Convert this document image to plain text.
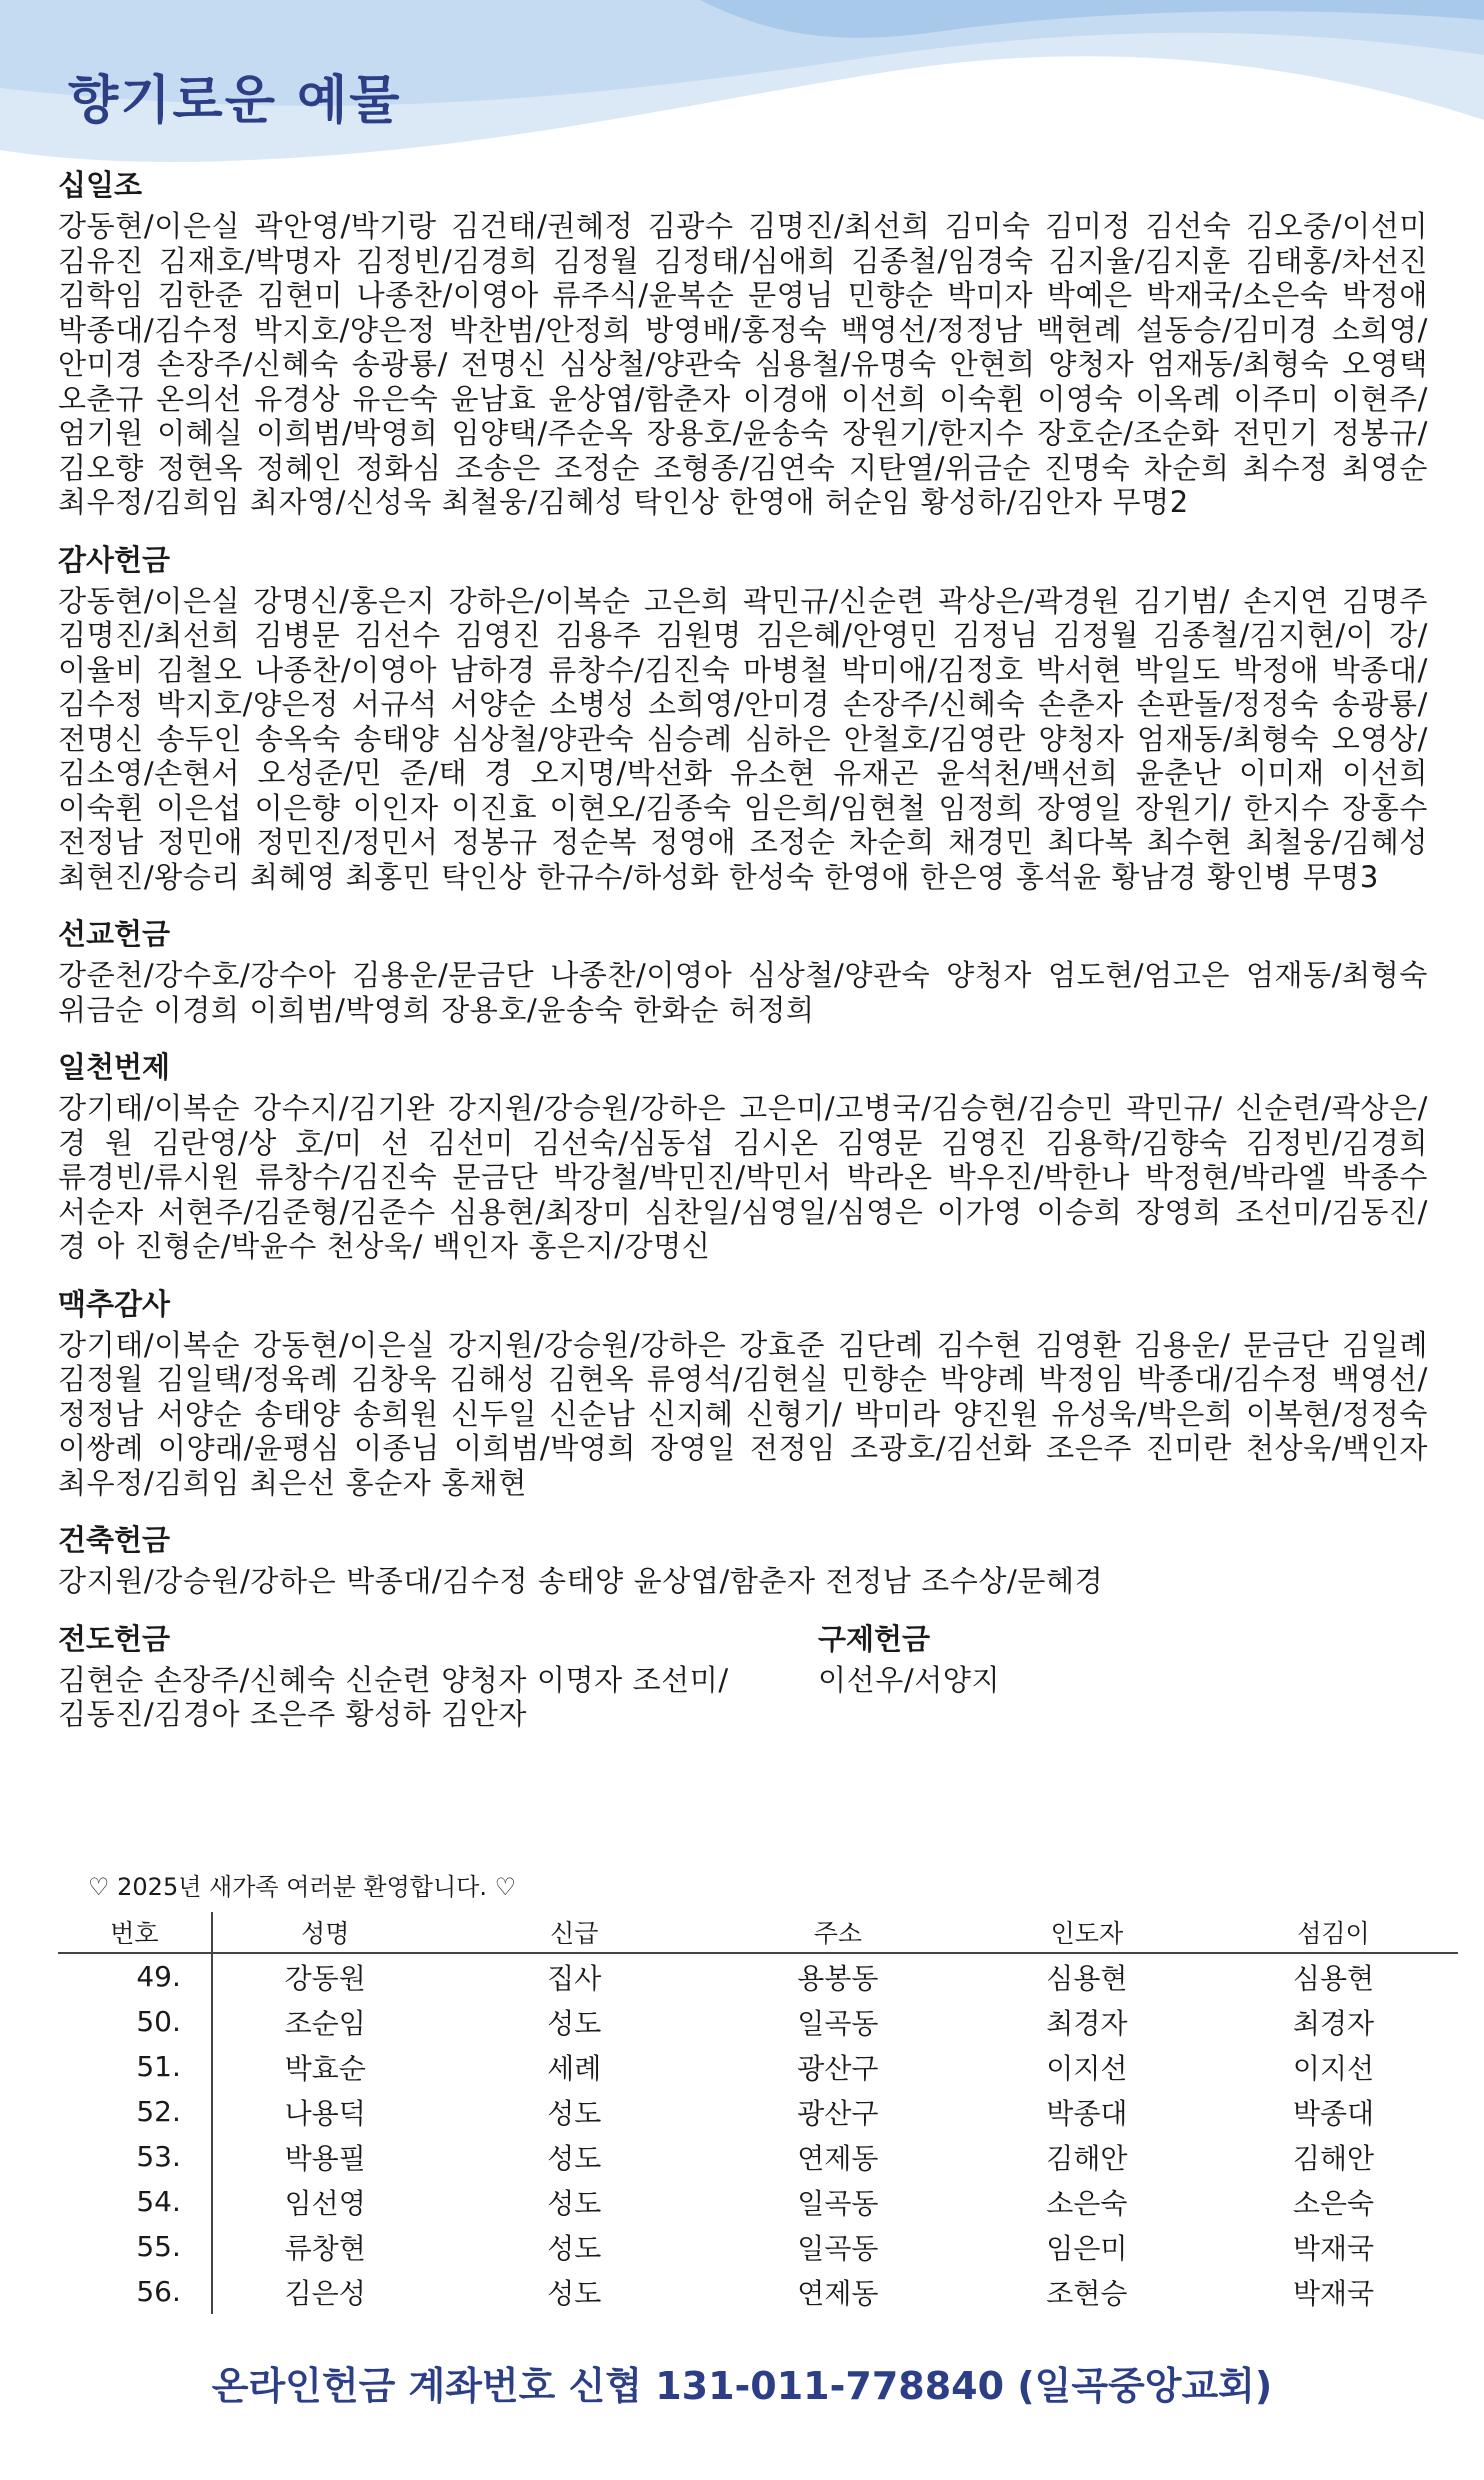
향기로운 예물
십일조

강동현/이은실 곽안영/박기랑 김건태/권혜정 김광수 김명진/최선희 김미숙 김미정 김선숙 김오중/이선미 김유진 김재호/박명자 김정빈/김경희 김정월 김정태/심애희 김종철/임경숙 김지율/김지훈 김태홍/차선진 김학임 김한준 김현미 나종찬/이영아 류주식/윤복순 문영님 민향순 박미자 박예은 박재국/소은숙 박정애 박종대/김수정 박지호/양은정 박찬범/안정희 방영배/홍정숙 백영선/정정남 백현례 설동승/김미경 소희영/안미경 손장주/신혜숙 송광룡/ 전명신 심상철/양관숙 심용철/유명숙 안현희 양청자 엄재동/최형숙 오영택 오춘규 온의선 유경상 유은숙 윤남효 윤상엽/함춘자 이경애 이선희 이숙휜 이영숙 이옥례 이주미 이현주/ 엄기원 이혜실 이희범/박영희 임양택/주순옥 장용호/윤송숙 장원기/한지수 장호순/조순화 전민기 정봉규/김오향 정현옥 정혜인 정화심 조송은 조정순 조형종/김연숙 지탄열/위금순 진명숙 차순희 최수정 최영순 최우정/김희임 최자영/신성욱 최철웅/김혜성 탁인상 한영애 허순임 황성하/김안자 무명2

감사헌금

강동현/이은실 강명신/홍은지 강하은/이복순 고은희 곽민규/신순련 곽상은/곽경원 김기범/ 손지연 김명주 김명진/최선희 김병문 김선수 김영진 김용주 김원명 김은혜/안영민 김정님 김정월 김종철/김지현/이 강/이율비 김철오 나종찬/이영아 남하경 류창수/김진숙 마병철 박미애/김정호 박서현 박일도 박정애 박종대/김수정 박지호/양은정 서규석 서양순 소병성 소희영/안미경 손장주/신혜숙 손춘자 손판돌/정정숙 송광룡/전명신 송두인 송옥숙 송태양 심상철/양관숙 심승례 심하은 안철호/김영란 양청자 엄재동/최형숙 오영상/김소영/손현서 오성준/민 준/태 경 오지명/박선화 유소현 유재곤 윤석천/백선희 윤춘난 이미재 이선희 이숙휜 이은섭 이은향 이인자 이진효 이현오/김종숙 임은희/임현철 임정희 장영일 장원기/ 한지수 장홍수 전정남 정민애 정민진/정민서 정봉규 정순복 정영애 조정순 차순희 채경민 최다복 최수현 최철웅/김혜성 최현진/왕승리 최혜영 최홍민 탁인상 한규수/하성화 한성숙 한영애 한은영 홍석윤 황남경 황인병 무명3

선교헌금

강준천/강수호/강수아 김용운/문금단 나종찬/이영아 심상철/양관숙 양청자 엄도현/엄고은 엄재동/최형숙 위금순 이경희 이희범/박영희 장용호/윤송숙 한화순 허정희

일천번제

강기태/이복순 강수지/김기완 강지원/강승원/강하은 고은미/고병국/김승현/김승민 곽민규/ 신순련/곽상은/경 원 김란영/상 호/미 선 김선미 김선숙/심동섭 김시온 김영문 김영진 김용학/김향숙 김정빈/김경희 류경빈/류시원 류창수/김진숙 문금단 박강철/박민진/박민서 박라온 박우진/박한나 박정현/박라엘 박종수 서순자 서현주/김준형/김준수 심용현/최장미 심찬일/심영일/심영은 이가영 이승희 장영희 조선미/김동진/경 아 진형순/박윤수 천상욱/ 백인자 홍은지/강명신

맥추감사

강기태/이복순 강동현/이은실 강지원/강승원/강하은 강효준 김단례 김수현 김영환 김용운/ 문금단 김일례 김정월 김일택/정육례 김창욱 김해성 김현옥 류영석/김현실 민향순 박양례 박정임 박종대/김수정 백영선/정정남 서양순 송태양 송희원 신두일 신순남 신지혜 신형기/ 박미라 양진원 유성욱/박은희 이복현/정정숙 이쌍례 이양래/윤평심 이종님 이희범/박영희 장영일 전정임 조광호/김선화 조은주 진미란 천상욱/백인자 최우정/김희임 최은선 홍순자 홍채현

건축헌금

강지원/강승원/강하은 박종대/김수정 송태양 윤상엽/함춘자 전정남 조수상/문혜경

전도헌금

김현순 손장주/신혜숙 신순련 양청자 이명자 조선미/김동진/김경아 조은주 황성하 김안자

구제헌금

이선우/서양지

♡ 2025년 새가족 여러분 환영합니다. ♡

번호	성명	신급	주소	인도자	섬김이
49.	강동원	집사	용봉동	심용현	심용현
50.	조순임	성도	일곡동	최경자	최경자
51.	박효순	세례	광산구	이지선	이지선
52.	나용덕	성도	광산구	박종대	박종대
53.	박용필	성도	연제동	김해안	김해안
54.	임선영	성도	일곡동	소은숙	소은숙
55.	류창현	성도	일곡동	임은미	박재국
56.	김은성	성도	연제동	조현승	박재국

온라인헌금 계좌번호 신협 131-011-778840 (일곡중앙교회)
